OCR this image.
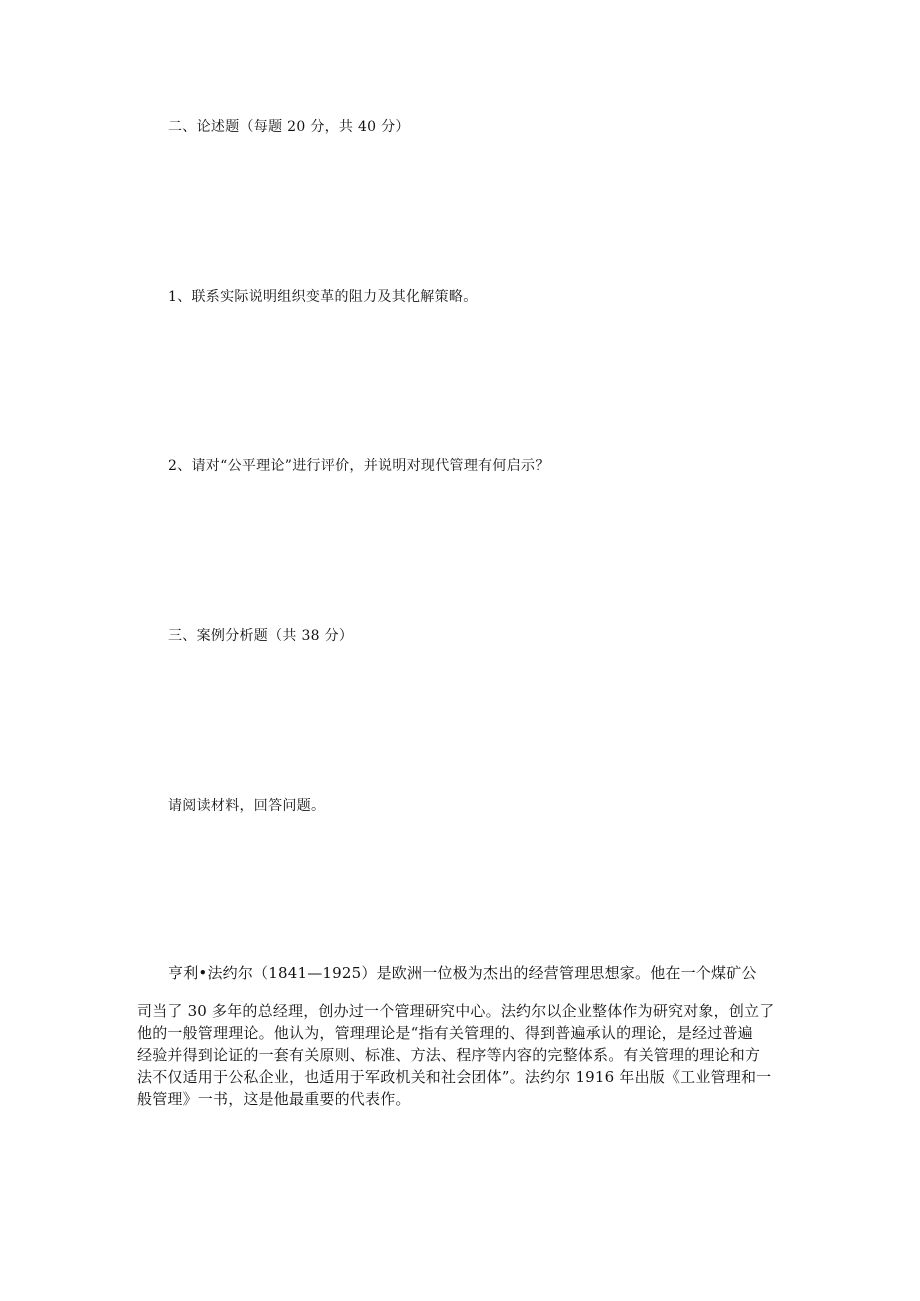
二、论述题（每题 20 分，共 40 分）
1、联系实际说明组织变革的阻力及其化解策略。
2、请对“公平理论”进行评价，并说明对现代管理有何启示？
三、案例分析题（共 38 分）
请阅读材料，回答问题。

亨利•法约尔（1841—1925）是欧洲一位极为杰出的经营管理思想家。他在一个煤矿公

司当了 30 多年的总经理，创办过一个管理研究中心。法约尔以企业整体作为研究对象，创立了

他的一般管理理论。他认为，管理理论是“指有关管理的、得到普遍承认的理论，是经过普遍

经验并得到论证的一套有关原则、标准、方法、程序等内容的完整体系。有关管理的理论和方

法不仅适用于公私企业，也适用于军政机关和社会团体”。法约尔 1916 年出版《工业管理和一

般管理》一书，这是他最重要的代表作。
